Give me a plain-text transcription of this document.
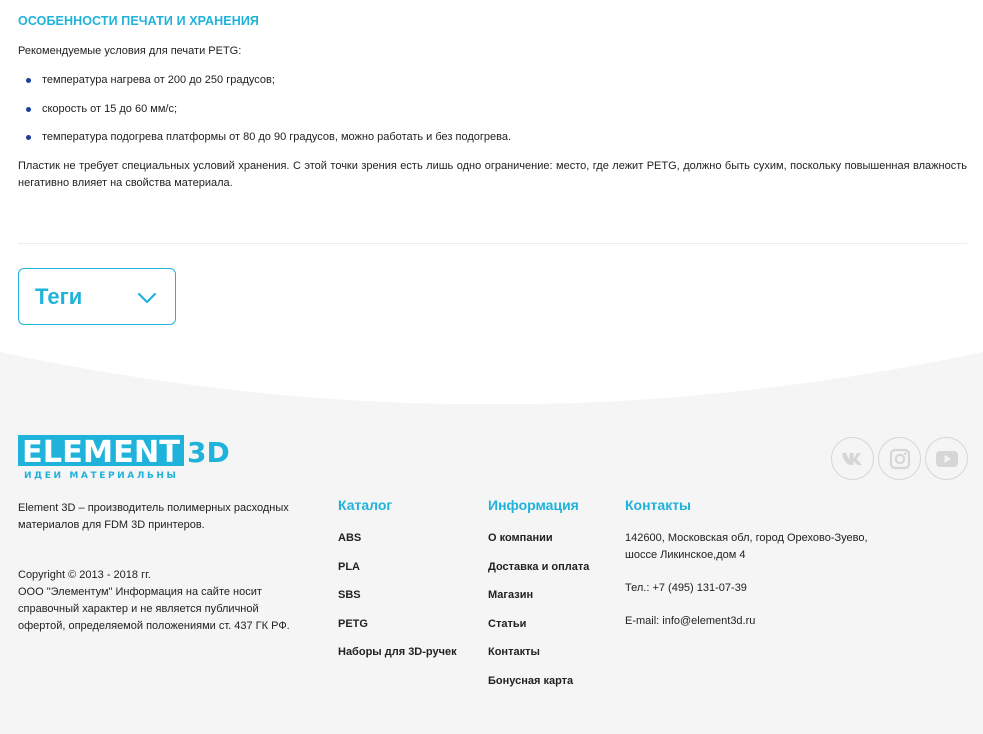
ОСОБЕННОСТИ ПЕЧАТИ И ХРАНЕНИЯ

Рекомендуемые условия для печати PETG:

температура нагрева от 200 до 250 градусов;
скорость от 15 до 60 мм/с;
температура подогрева платформы от 80 до 90 градусов, можно работать и без подогрева.

Пластик не требует специальных условий хранения. С этой точки зрения есть лишь одно ограничение: место, где лежит PETG, должно быть сухим, поскольку повышенная влажность негативно влияет на свойства материала.

Теги
ELEMENT 3D
ИДЕИ МАТЕРИАЛЬНЫ

Element 3D – производитель полимерных расходных материалов для FDM 3D принтеров.

Copyright © 2013 - 2018 гг.

ООО "Элементум" Информация на сайте носит справочный характер и не является публичной офертой, определяемой положениями ст. 437 ГК РФ.

Каталог
ABS
PLA
SBS
PETG
Наборы для 3D-ручек
Информация
О компании
Доставка и оплата
Магазин
Статьи
Контакты
Бонусная карта
Контакты

142600, Московская обл, город Орехово-Зуево, шоссе Ликинское,дом 4

Тел.: +7 (495) 131-07-39

E-mail: info@element3d.ru
